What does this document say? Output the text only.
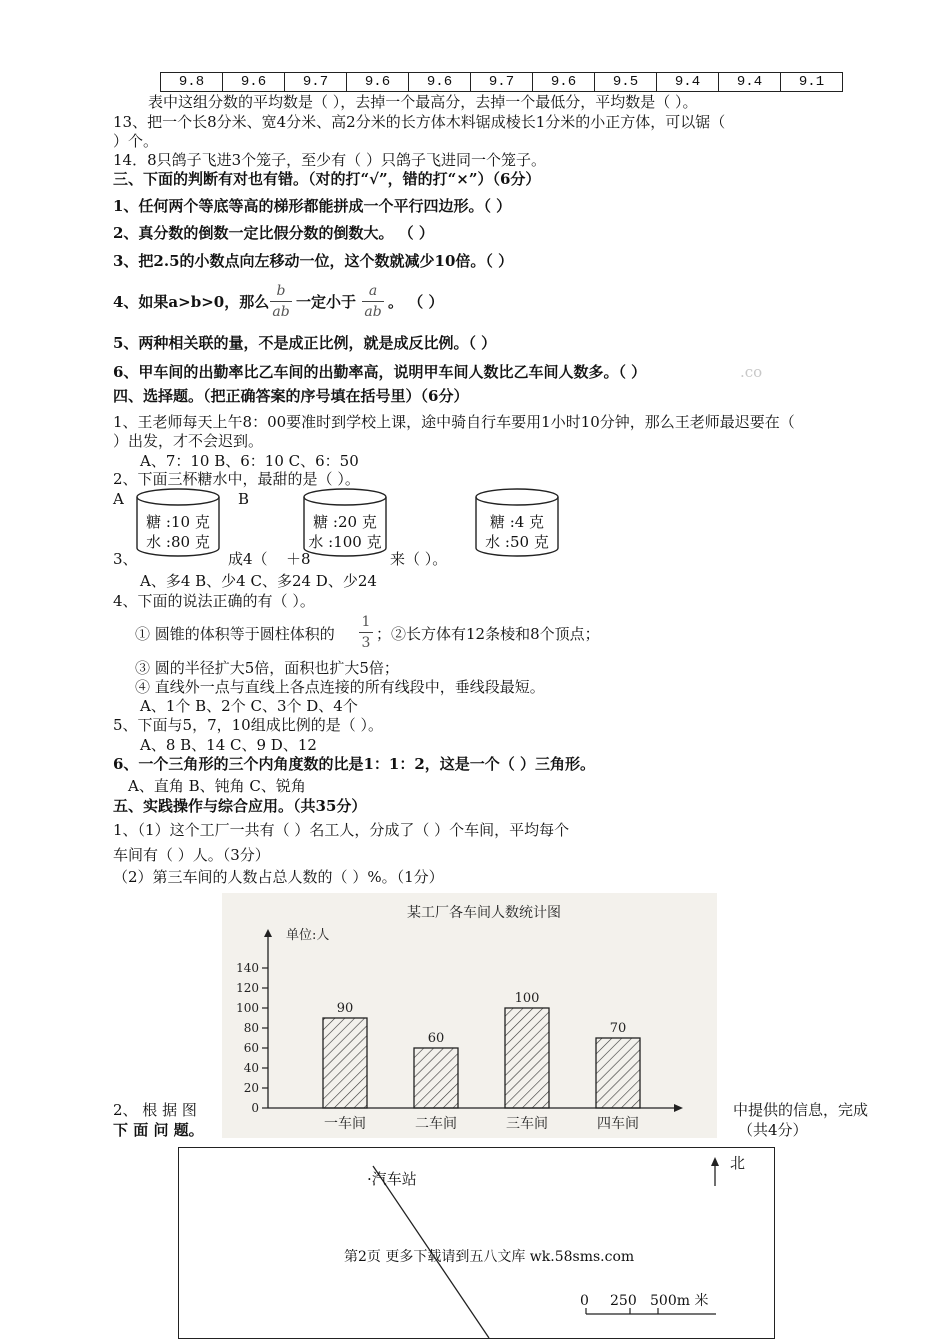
9.8	9.6	9.7	9.6	9.6	9.7	9.6	9.5	9.4	9.4	9.1
表中这组分数的平均数是（ ），去掉一个最高分，去掉一个最低分，平均数是（ ）。
13、把一个长8分米、宽4分米、高2分米的长方体木料锯成棱长1分米的小正方体，可以锯（
）个。
14．8只鸽子飞进3个笼子，至少有（ ）只鸽子飞进同一个笼子。
三、下面的判断有对也有错。（对的打“√”，错的打“×”）（6分）
1、任何两个等底等高的梯形都能拼成一个平行四边形。（ ）
2、真分数的倒数一定比假分数的倒数大。 （ ）
3、把2.5的小数点向左移动一位，这个数就减少10倍。（ ）
4、如果a>b>0，那么
b
ab
一定小于
a
ab
。 （ ）
5、两种相关联的量，不是成正比例，就是成反比例。（ ）
6、甲车间的出勤率比乙车间的出勤率高，说明甲车间人数比乙车间人数多。（ ）	.co
四、选择题。（把正确答案的序号填在括号里）（6分）
1、王老师每天上午8：00要准时到学校上课，途中骑自行车要用1小时10分钟，那么王老师最迟要在（
）出发，才不会迟到。
A、7：10 B、6：10 C、6：50
2、下面三杯糖水中，最甜的是（ ）。
A	B
糖 :10 克
水 :80 克
糖 :20 克
水 :100 克
糖 :4 克
水 :50 克
3、	成4（ ＋8	来（ ）。
A、多4 B、少4 C、多24 D、少24
4、下面的说法正确的有（ ）。
① 圆锥的体积等于圆柱体积的
1
3 ；②长方体有12条棱和8个顶点；
③ 圆的半径扩大5倍，面积也扩大5倍；
④ 直线外一点与直线上各点连接的所有线段中，垂线段最短。
A、1个 B、2个 C、3个 D、4个
5、下面与5，7，10组成比例的是（ ）。
A、8 B、14 C、9 D、12
6、一个三角形的三个内角度数的比是1：1：2，这是一个（ ）三角形。
A、直角 B、钝角 C、锐角
五、实践操作与综合应用。（共35分）
1、（1）这个工厂一共有（ ）名工人，分成了（ ）个车间，平均每个
车间有（ ）人。（3分）
（2）第三车间的人数占总人数的（ ）%。（1分）
某工厂各车间人数统计图
单位:人
0
20
40
60
80
100
120
140
90
一车间
60
二车间
100
三车间
70
四车间
2、 根 据 图
下 面 问 题。
中提供的信息，完成
（共4分）
·汽车站
北
第2页 更多下载请到五八文库 wk.58sms.com
0 250 500m 米
